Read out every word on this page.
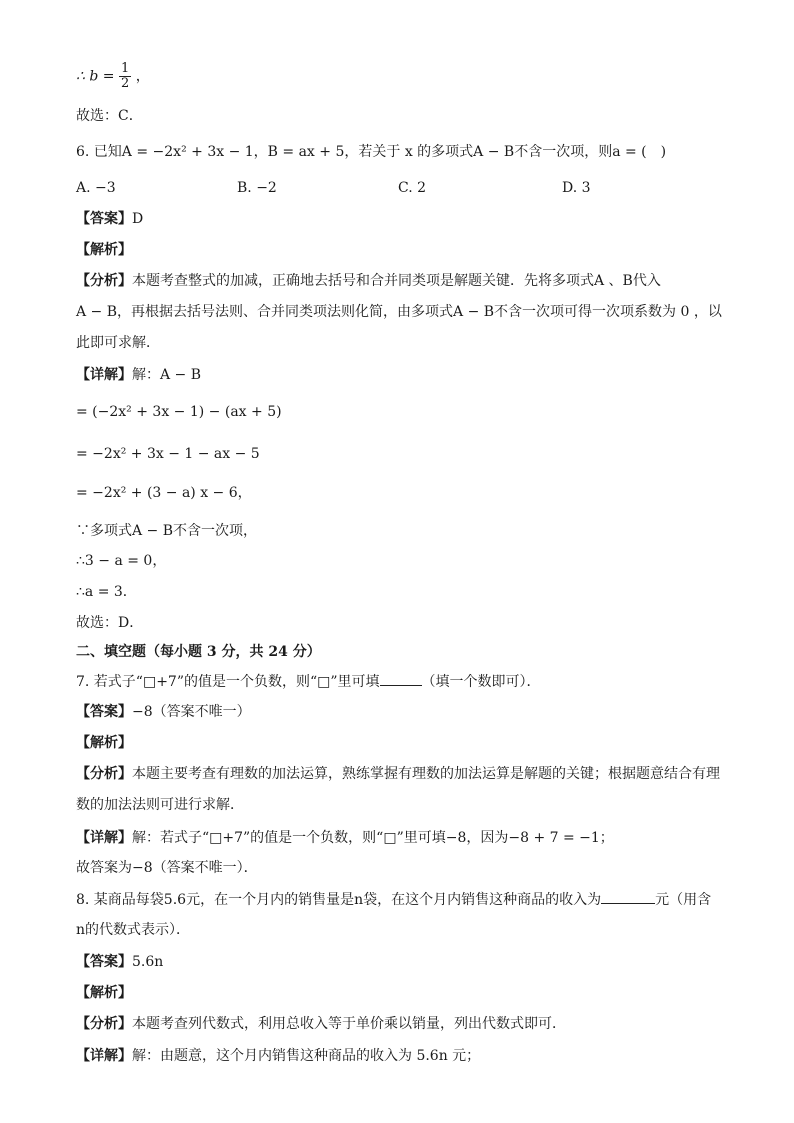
∴ $b = \frac{1}{2}$ ，
故选：C．
6. 已知A = −2x² + 3x − 1，B = ax + 5，若关于 x 的多项式A − B不含一次项，则a = (　)
A. −3	B. −2	C. 2	D. 3
【答案】D
【解析】
【分析】本题考查整式的加减，正确地去括号和合并同类项是解题关键．先将多项式A 、B代入
A − B，再根据去括号法则、合并同类项法则化简，由多项式A − B不含一次项可得一次项系数为 0 ，以
此即可求解．
【详解】解：A − B
= (−2x² + 3x − 1) − (ax + 5)
= −2x² + 3x − 1 − ax − 5
= −2x² + (3 − a) x − 6，
∵多项式A − B不含一次项，
∴3 − a = 0，
∴a = 3．
故选：D．
二、填空题（每小题 3 分，共 24 分）
7. 若式子“□+7”的值是一个负数，则“□”里可填	（填一个数即可）．
【答案】−8（答案不唯一）
【解析】
【分析】本题主要考查有理数的加法运算，熟练掌握有理数的加法运算是解题的关键；根据题意结合有理
数的加法法则可进行求解．
【详解】解：若式子“□+7”的值是一个负数，则“□”里可填−8，因为−8 + 7 = −1；
故答案为−8（答案不唯一）．
8. 某商品每袋5.6元，在一个月内的销售量是n袋，在这个月内销售这种商品的收入为	元（用含
n的代数式表示）．
【答案】5.6n
【解析】
【分析】本题考查列代数式，利用总收入等于单价乘以销量，列出代数式即可．
【详解】解：由题意，这个月内销售这种商品的收入为 5.6n 元；
